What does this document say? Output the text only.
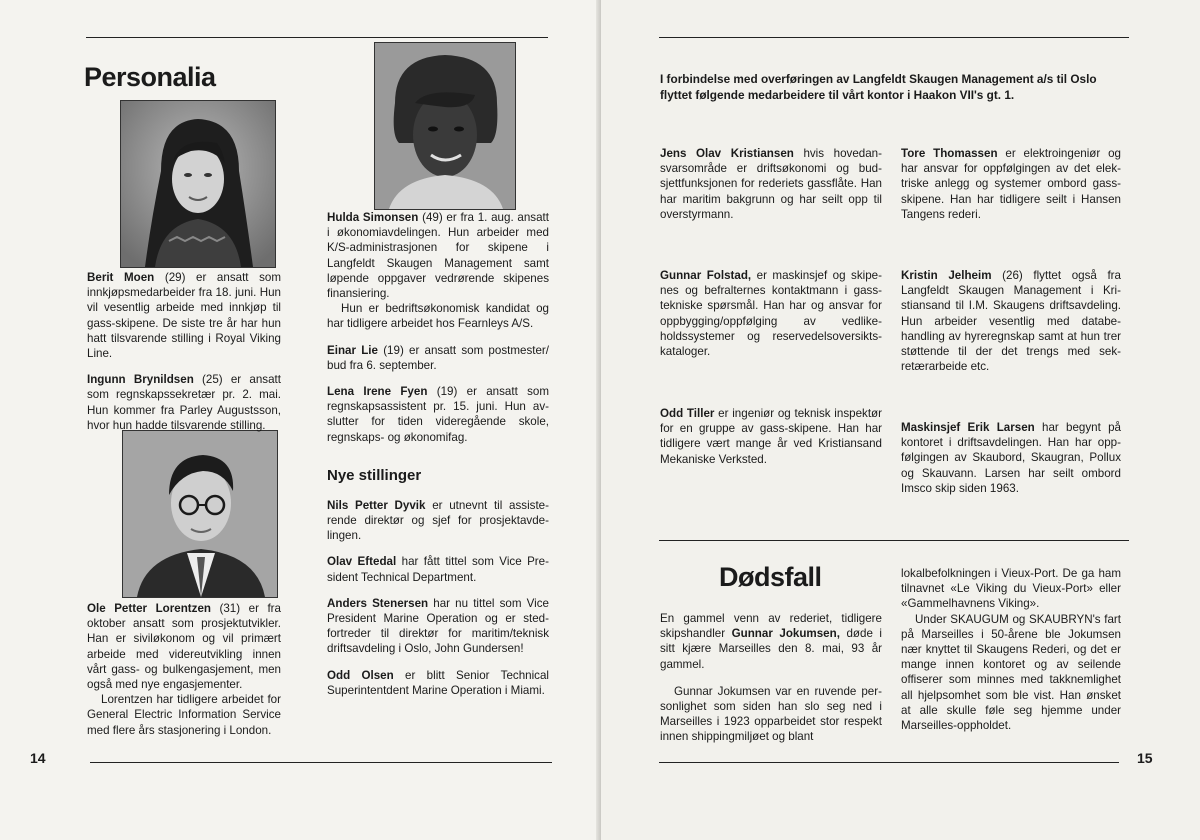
Personalia

Berit Moen (29) er ansatt som innkjøpsmedarbeider fra 18. juni. Hun vil vesentlig arbeide med innkjøp til gass-skipene. De siste tre år har hun hatt tilsvarende stilling i Royal Viking Line.

Ingunn Brynildsen (25) er ansatt som regnskapssekretær pr. 2. mai. Hun kommer fra Parley Augustsson, hvor hun hadde tilsvarende stilling.

Ole Petter Lorentzen (31) er fra oktober ansatt som prosjektutvikler. Han er siviløkonom og vil primært arbeide med videreutvikling innen vårt gass- og bulkengasjement, men også med nye engasjementer.

Lorentzen har tidligere arbeidet for General Electric Information Service med flere års stasjonering i London.

Hulda Simonsen (49) er fra 1. aug. ansatt i økonomiavdelingen. Hun arbeider med K/S-administrasjonen for skipene i Langfeldt Skaugen Management samt løpende oppgaver vedrørende skipenes finansiering.

Hun er bedriftsøkonomisk kandidat og har tidligere arbeidet hos Fearnleys A/S.

Einar Lie (19) er ansatt som postmester/ bud fra 6. september.

Lena Irene Fyen (19) er ansatt som regnskapsassistent pr. 15. juni. Hun avslutter for tiden videregående skole, regnskaps- og økonomifag.

Nye stillinger

Nils Petter Dyvik er utnevnt til assisterende direktør og sjef for prosjektavdelingen.

Olav Eftedal har fått tittel som Vice President Technical Department.

Anders Stenersen har nu tittel som Vice President Marine Operation og er stedfortreder til direktør for maritim/teknisk driftsavdeling i Oslo, John Gundersen!

Odd Olsen er blitt Senior Technical Superintentdent Marine Operation i Miami.

14

I forbindelse med overføringen av Langfeldt Skaugen Management a/s til Oslo flyttet følgende medarbeidere til vårt kontor i Haakon VII's gt. 1.

Jens Olav Kristiansen hvis hovedansvarsområde er driftsøkonomi og budsjettfunksjonen for rederiets gassflåte. Han har maritim bakgrunn og har seilt opp til overstyrmann.

Gunnar Folstad, er maskinsjef og skipenes og befralternes kontaktmann i gasstekniske spørsmål. Han har og ansvar for oppbygging/oppfølging av vedlikeholdssystemer og reservedelsoversiktskataloger.

Odd Tiller er ingeniør og teknisk inspektør for en gruppe av gass-skipene. Han har tidligere vært mange år ved Kristiansand Mekaniske Verksted.

Tore Thomassen er elektroingeniør og har ansvar for oppfølgingen av det elektriske anlegg og systemer ombord gassskipene. Han har tidligere seilt i Hansen Tangens rederi.

Kristin Jelheim (26) flyttet også fra Langfeldt Skaugen Management i Kristiansand til I.M. Skaugens driftsavdeling. Hun arbeider vesentlig med databehandling av hyreregnskap samt at hun trer støttende til der det trengs med sekretærarbeide etc.

Maskinsjef Erik Larsen har begynt på kontoret i driftsavdelingen. Han har oppfølgingen av Skaubord, Skaugran, Pollux og Skauvann. Larsen har seilt ombord Imsco skip siden 1963.

Dødsfall

En gammel venn av rederiet, tidligere skipshandler Gunnar Jokumsen, døde i sitt kjære Marseilles den 8. mai, 93 år gammel.

Gunnar Jokumsen var en ruvende personlighet som siden han slo seg ned i Marseilles i 1923 opparbeidet stor respekt innen shippingmiljøet og blant

lokalbefolkningen i Vieux-Port. De ga ham tilnavnet «Le Viking du Vieux-Port» eller «Gammelhavnens Viking».

Under SKAUGUM og SKAUBRYN's fart på Marseilles i 50-årene ble Jokumsen nær knyttet til Skaugens Rederi, og det er mange innen kontoret og av seilende offiserer som minnes med takknemlighet all hjelpsomhet som ble vist. Han ønsket at alle skulle føle seg hjemme under Marseilles-oppholdet.

15
